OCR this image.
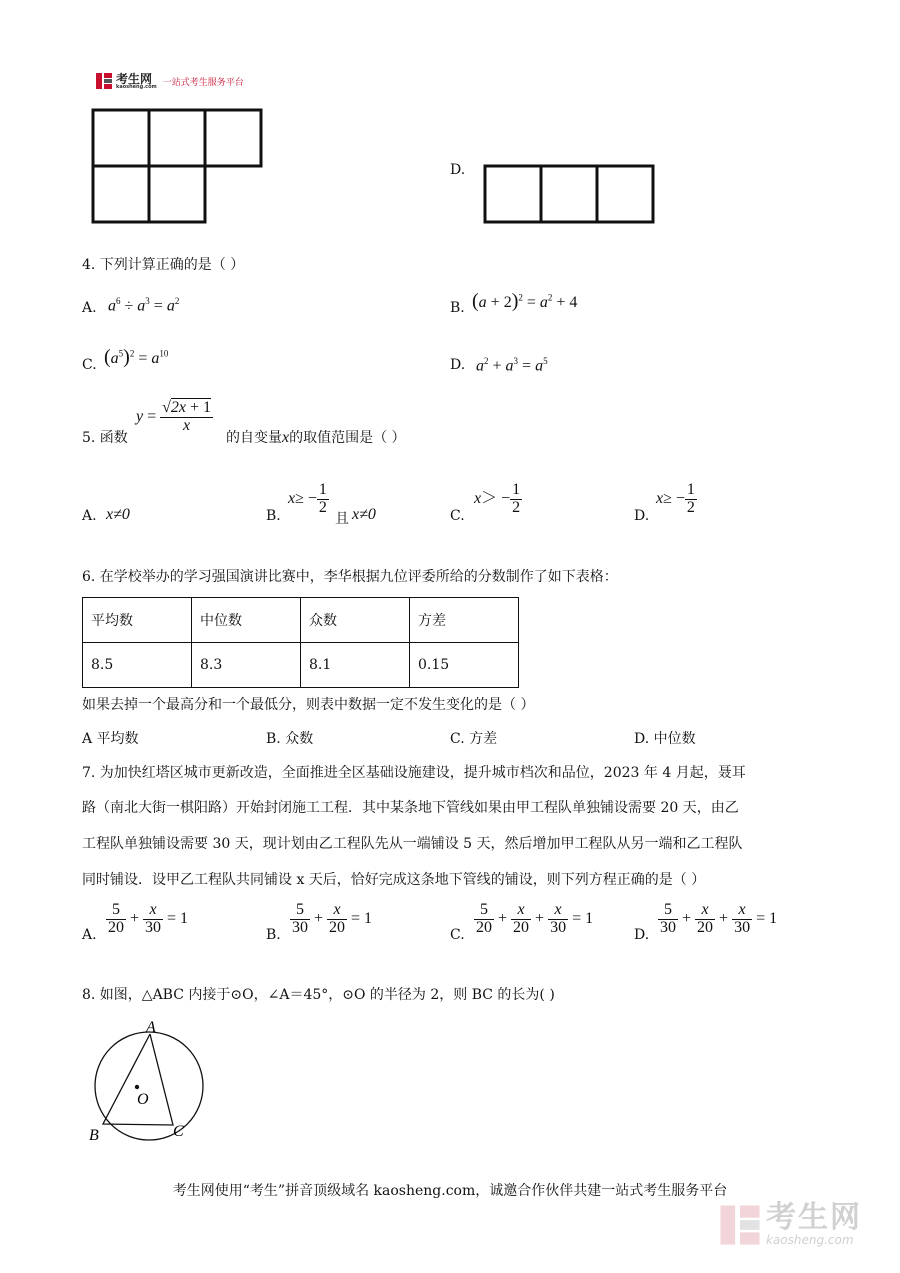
考生网
kaosheng.com 一站式考生服务平台
D.
4. 下列计算正确的是（ ）
A. $a^6 \div a^3 = a^2$	B. $(a + 2)^2 = a^2 + 4$
C. $(a^5)^2 = a^{10}$
D. $a^2 + a^3 = a^5$
5. 函数
$y = \frac{√2x + 1}{x}$
的自变量x的取值范围是（ ）
A. x≠0	B.
$x\ge - \frac{1}{2}$
且 x≠0	C.
$x> - \frac{1}{2}$	D.
$x\ge - \frac{1}{2}$
6. 在学校举办的学习强国演讲比赛中，李华根据九位评委所给的分数制作了如下表格：
平均数	中位数	众数	方差
8.5	8.3	8.1	0.15
如果去掉一个最高分和一个最低分，则表中数据一定不发生变化的是（ ）
A 平均数	B. 众数	C. 方差	D. 中位数
7. 为加快红塔区城市更新改造，全面推进全区基础设施建设，提升城市档次和品位，2023 年 4 月起，聂耳
路（南北大街一棋阳路）开始封闭施工工程．其中某条地下管线如果由甲工程队单独铺设需要 20 天，由乙
工程队单独铺设需要 30 天，现计划由乙工程队先从一端铺设 5 天，然后增加甲工程队从另一端和乙工程队
同时铺设．设甲乙工程队共同铺设 x 天后，恰好完成这条地下管线的铺设，则下列方程正确的是（ ）
A. $\frac{5}{20} + \frac{x}{30} = 1$
B. $\frac{5}{30} + \frac{x}{20} = 1$
C. $\frac{5}{20} + \frac{x}{20} + \frac{x}{30} = 1$
D. $\frac{5}{30} + \frac{x}{20} + \frac{x}{30} = 1$
8. 如图，△ABC 内接于⊙O，∠A＝45°，⊙O 的半径为 2，则 BC 的长为( )
A
B	C
O
考生网使用“考生”拼音顶级域名 kaosheng.com，诚邀合作伙伴共建一站式考生服务平台
考生网
kaosheng.com
